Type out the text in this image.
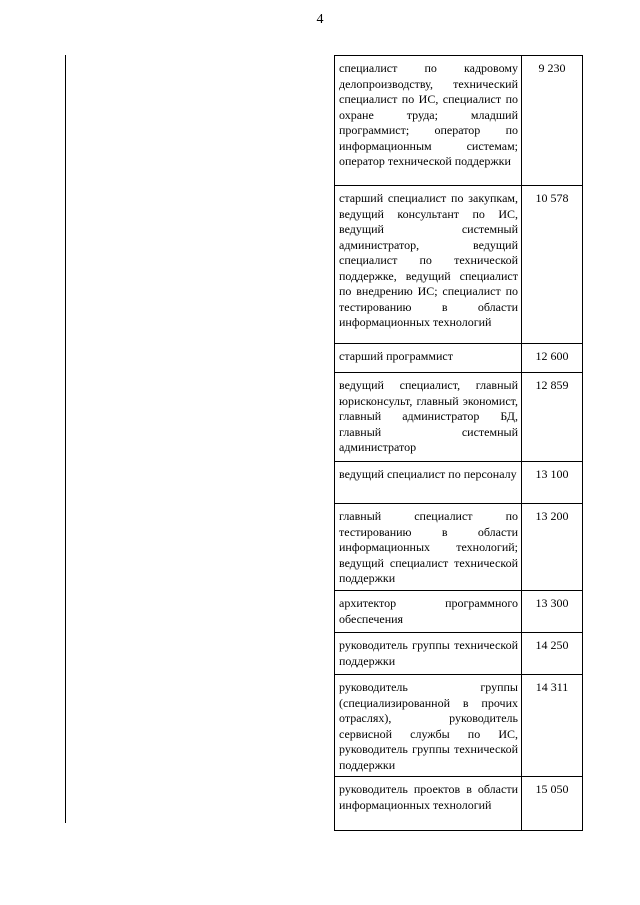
4
специалист по кадровому делопроизводству, технический специалист по ИС, специалист по охране труда; младший программист; оператор по информационным системам; оператор технической поддержки	9 230

старший специалист по закупкам, ведущий консультант по ИС, ведущий системный администратор, ведущий специалист по технической поддержке, ведущий специалист по внедрению ИС; специалист по тестированию в области информационных технологий	10 578

старший программист	12 600

ведущий специалист, главный юрисконсульт, главный экономист, главный администратор БД, главный системный администратор	12 859

ведущий специалист по персоналу	13 100

главный специалист по тестированию в области информационных технологий; ведущий специалист технической поддержки	13 200

архитектор программного обеспечения	13 300

руководитель группы технической поддержки	14 250

руководитель группы (специализированной в прочих отраслях), руководитель сервисной службы по ИС, руководитель группы технической поддержки	14 311

руководитель проектов в области информационных технологий	15 050
